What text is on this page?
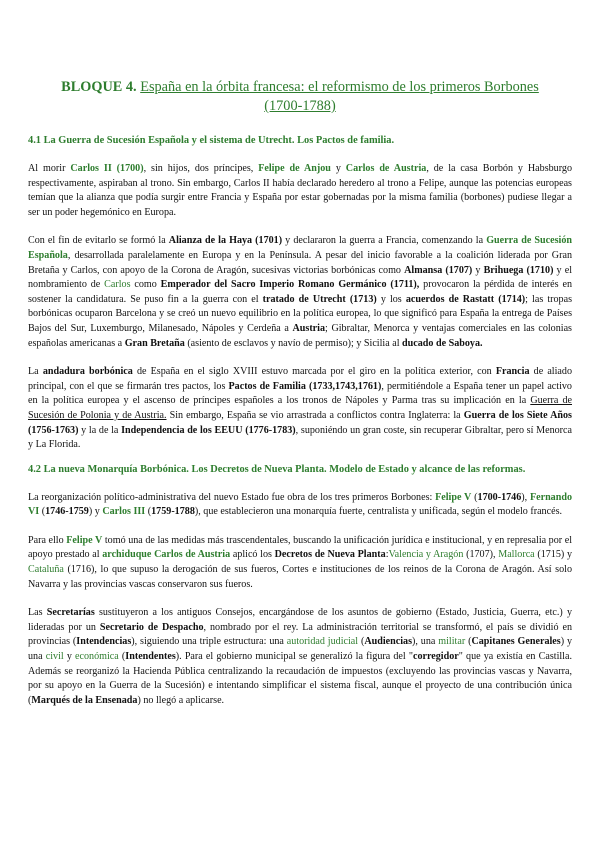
BLOQUE 4. España en la órbita francesa: el reformismo de los primeros Borbones
(1700-1788)
4.1 La Guerra de Sucesión Española y el sistema de Utrecht. Los Pactos de familia.

Al morir Carlos II (1700), sin hijos, dos príncipes, Felipe de Anjou y Carlos de Austria, de la casa Borbón y Habsburgo respectivamente, aspiraban al trono. Sin embargo, Carlos II había declarado heredero al trono a Felipe, aunque las potencias europeas temían que la alianza que podía surgir entre Francia y España por estar gobernadas por la misma familia (borbones) pudiese llegar a ser un poder hegemónico en Europa.

Con el fin de evitarlo se formó la Alianza de la Haya (1701) y declararon la guerra a Francia, comenzando la Guerra de Sucesión Española, desarrollada paralelamente en Europa y en la Península. A pesar del inicio favorable a la coalición liderada por Gran Bretaña y Carlos, con apoyo de la Corona de Aragón, sucesivas victorias borbónicas como Almansa (1707) y Brihuega (1710) y el nombramiento de Carlos como Emperador del Sacro Imperio Romano Germánico (1711), provocaron la pérdida de interés en sostener la candidatura. Se puso fin a la guerra con el tratado de Utrecht (1713) y los acuerdos de Rastatt (1714); las tropas borbónicas ocuparon Barcelona y se creó un nuevo equilibrio en la política europea, lo que significó para España la entrega de Países Bajos del Sur, Luxemburgo, Milanesado, Nápoles y Cerdeña a Austria; Gibraltar, Menorca y ventajas comerciales en las colonias españolas americanas a Gran Bretaña (asiento de esclavos y navío de permiso); y Sicilia al ducado de Saboya.

La andadura borbónica de España en el siglo XVIII estuvo marcada por el giro en la política exterior, con Francia de aliado principal, con el que se firmarán tres pactos, los Pactos de Familia (1733,1743,1761), permitiéndole a España tener un papel activo en la política europea y el ascenso de príncipes españoles a los tronos de Nápoles y Parma tras su implicación en la Guerra de Sucesión de Polonia y de Austria. Sin embargo, España se vio arrastrada a conflictos contra Inglaterra: la Guerra de los Siete Años (1756-1763) y la de la Independencia de los EEUU (1776-1783), suponiéndo un gran coste, sin recuperar Gibraltar, pero sí Menorca y La Florida.

4.2 La nueva Monarquía Borbónica. Los Decretos de Nueva Planta. Modelo de Estado y alcance de las reformas.

La reorganización político-administrativa del nuevo Estado fue obra de los tres primeros Borbones: Felipe V (1700-1746), Fernando VI (1746-1759) y Carlos III (1759-1788), que establecieron una monarquía fuerte, centralista y unificada, según el modelo francés.

Para ello Felipe V tomó una de las medidas más trascendentales, buscando la unificación jurídica e institucional, y en represalia por el apoyo prestado al archiduque Carlos de Austria aplicó los Decretos de Nueva Planta:Valencia y Aragón (1707), Mallorca (1715) y Cataluña (1716), lo que supuso la derogación de sus fueros, Cortes e instituciones de los reinos de la Corona de Aragón. Así solo Navarra y las provincias vascas conservaron sus fueros.

Las Secretarías sustituyeron a los antiguos Consejos, encargándose de los asuntos de gobierno (Estado, Justicia, Guerra, etc.) y lideradas por un Secretario de Despacho, nombrado por el rey. La administración territorial se transformó, el país se dividió en provincias (Intendencias), siguiendo una triple estructura: una autoridad judicial (Audiencias), una militar (Capitanes Generales) y una civil y económica (Intendentes). Para el gobierno municipal se generalizó la figura del "corregidor" que ya existía en Castilla. Además se reorganizó la Hacienda Pública centralizando la recaudación de impuestos (excluyendo las provincias vascas y Navarra, por su apoyo en la Guerra de la Sucesión) e intentando simplificar el sistema fiscal, aunque el proyecto de una contribución única (Marqués de la Ensenada) no llegó a aplicarse.
